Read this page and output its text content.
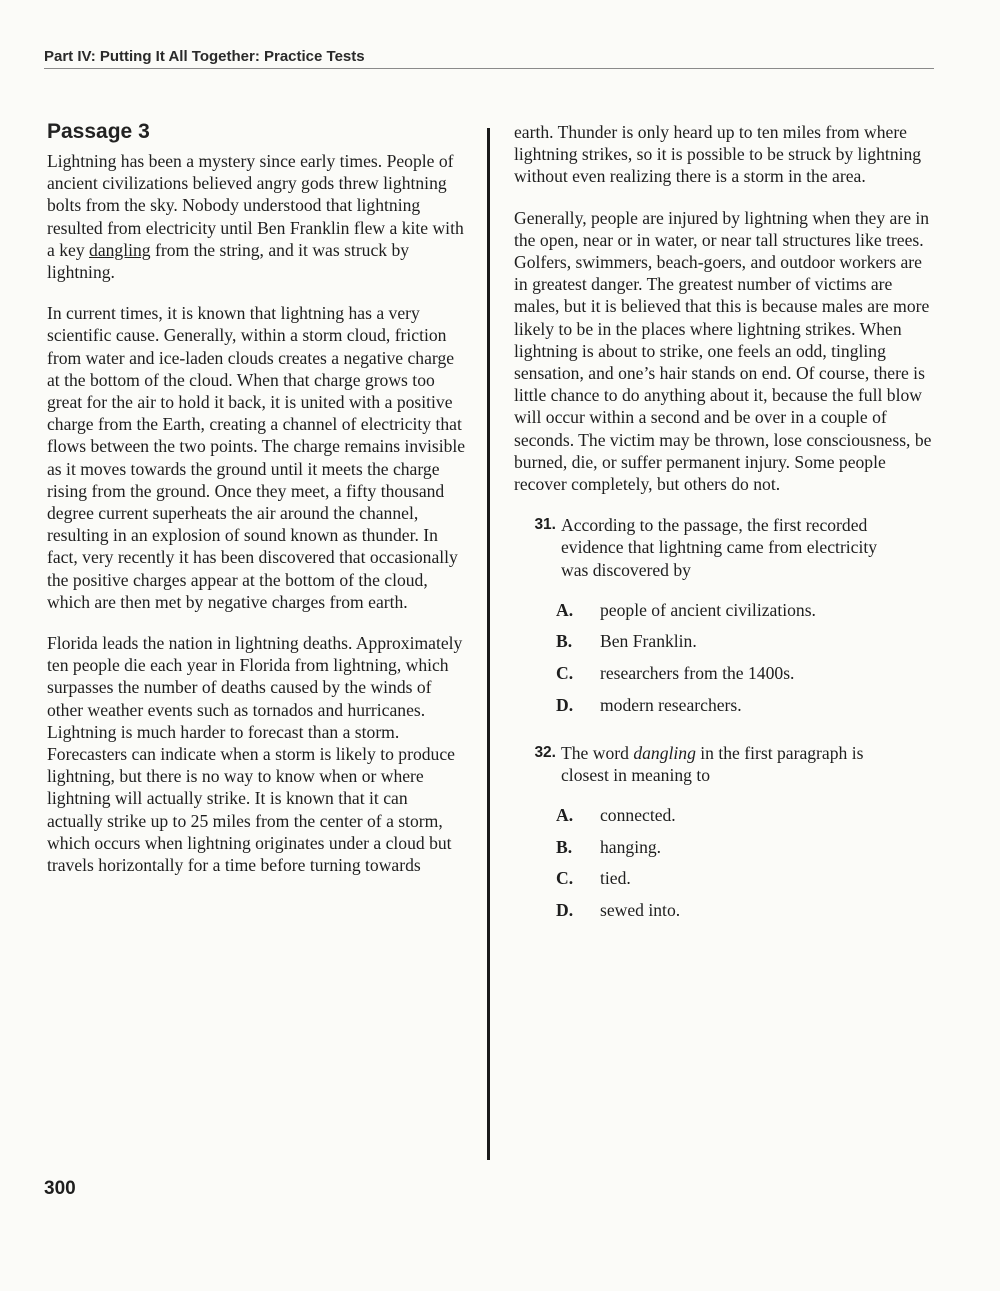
Part IV: Putting It All Together: Practice Tests
Passage 3

Lightning has been a mystery since early times. People of ancient civilizations believed angry gods threw lightning bolts from the sky. Nobody understood that lightning resulted from electricity until Ben Franklin flew a kite with a key dangling from the string, and it was struck by lightning.

In current times, it is known that lightning has a very scientific cause. Generally, within a storm cloud, friction from water and ice-laden clouds creates a negative charge at the bottom of the cloud. When that charge grows too great for the air to hold it back, it is united with a positive charge from the Earth, creating a channel of electricity that flows between the two points. The charge remains invisible as it moves towards the ground until it meets the charge rising from the ground. Once they meet, a fifty thousand degree current superheats the air around the channel, resulting in an explosion of sound known as thunder. In fact, very recently it has been discovered that occasionally the positive charges appear at the bottom of the cloud, which are then met by negative charges from earth.

Florida leads the nation in lightning deaths. Approximately ten people die each year in Florida from lightning, which surpasses the number of deaths caused by the winds of other weather events such as tornados and hurricanes. Lightning is much harder to forecast than a storm. Forecasters can indicate when a storm is likely to produce lightning, but there is no way to know when or where lightning will actually strike. It is known that it can actually strike up to 25 miles from the center of a storm, which occurs when lightning originates under a cloud but travels horizontally for a time before turning towards

earth. Thunder is only heard up to ten miles from where lightning strikes, so it is possible to be struck by lightning without even realizing there is a storm in the area.

Generally, people are injured by lightning when they are in the open, near or in water, or near tall structures like trees. Golfers, swimmers, beach-goers, and outdoor workers are in greatest danger. The greatest number of victims are males, but it is believed that this is because males are more likely to be in the places where lightning strikes. When lightning is about to strike, one feels an odd, tingling sensation, and one’s hair stands on end. Of course, there is little chance to do anything about it, because the full blow will occur within a second and be over in a couple of seconds. The victim may be thrown, lose consciousness, be burned, die, or suffer permanent injury. Some people recover completely, but others do not.

31. According to the passage, the first recorded evidence that lightning came from electricity was discovered by
A.	people of ancient civilizations.
B.	Ben Franklin.
C.	researchers from the 1400s.
D.	modern researchers.
32. The word dangling in the first paragraph is closest in meaning to
A.	connected.
B.	hanging.
C.	tied.
D.	sewed into.
300
